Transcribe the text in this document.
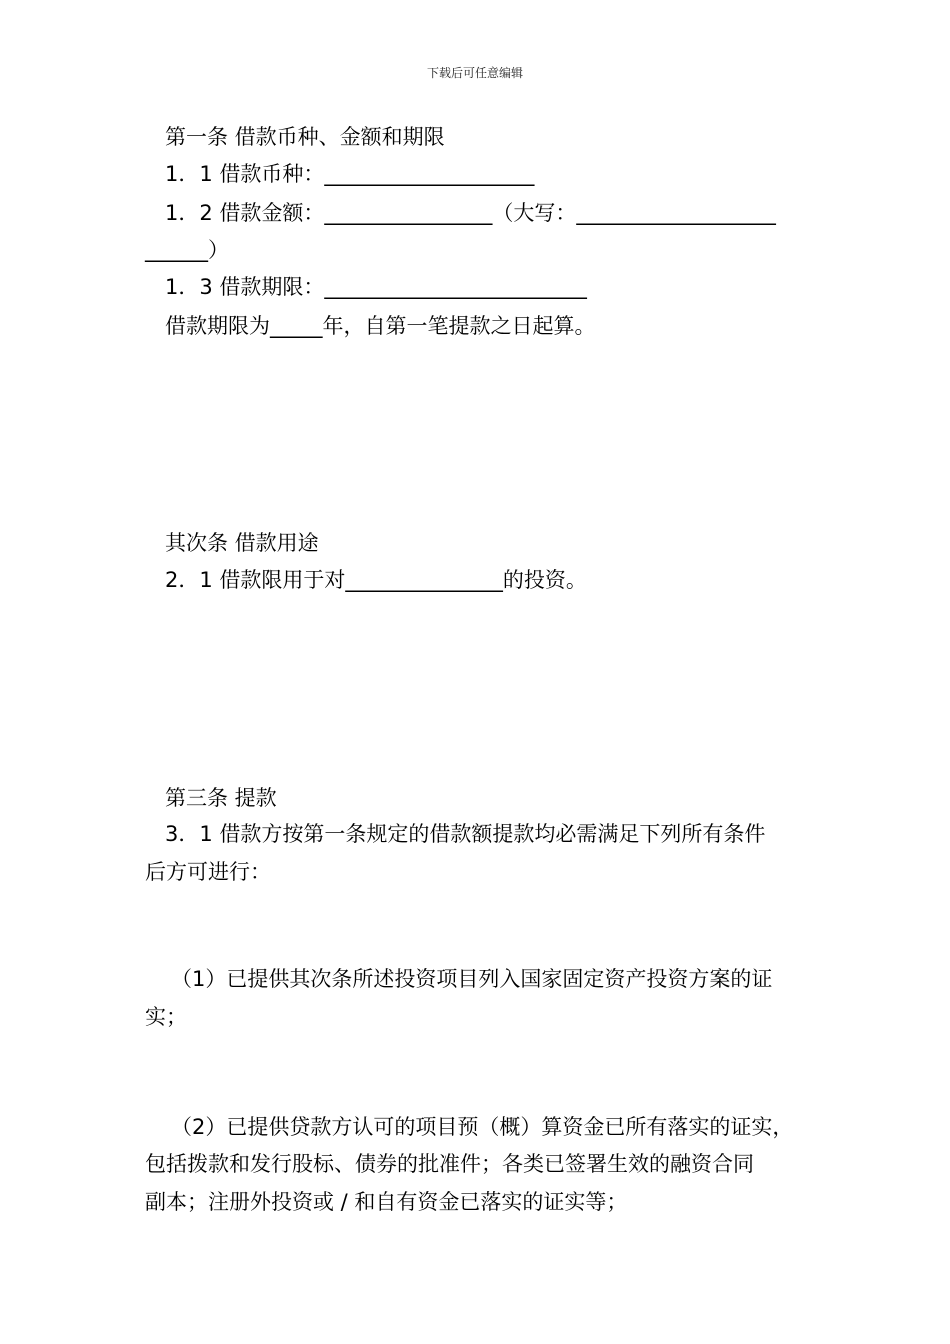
下载后可任意编辑
第一条 借款币种、金额和期限
1．1 借款币种：____________________
1．2 借款金额：________________（大写：___________________
______）
1．3 借款期限：_________________________
借款期限为_____年，自第一笔提款之日起算。
其次条 借款用途
2．1 借款限用于对_______________的投资。
第三条 提款
3．1 借款方按第一条规定的借款额提款均必需满足下列所有条件
后方可进行：
（1）已提供其次条所述投资项目列入国家固定资产投资方案的证
实；
（2）已提供贷款方认可的项目预（概）算资金已所有落实的证实，
包括拨款和发行股标、债券的批准件；各类已签署生效的融资合同
副本；注册外投资或 / 和自有资金已落实的证实等；
